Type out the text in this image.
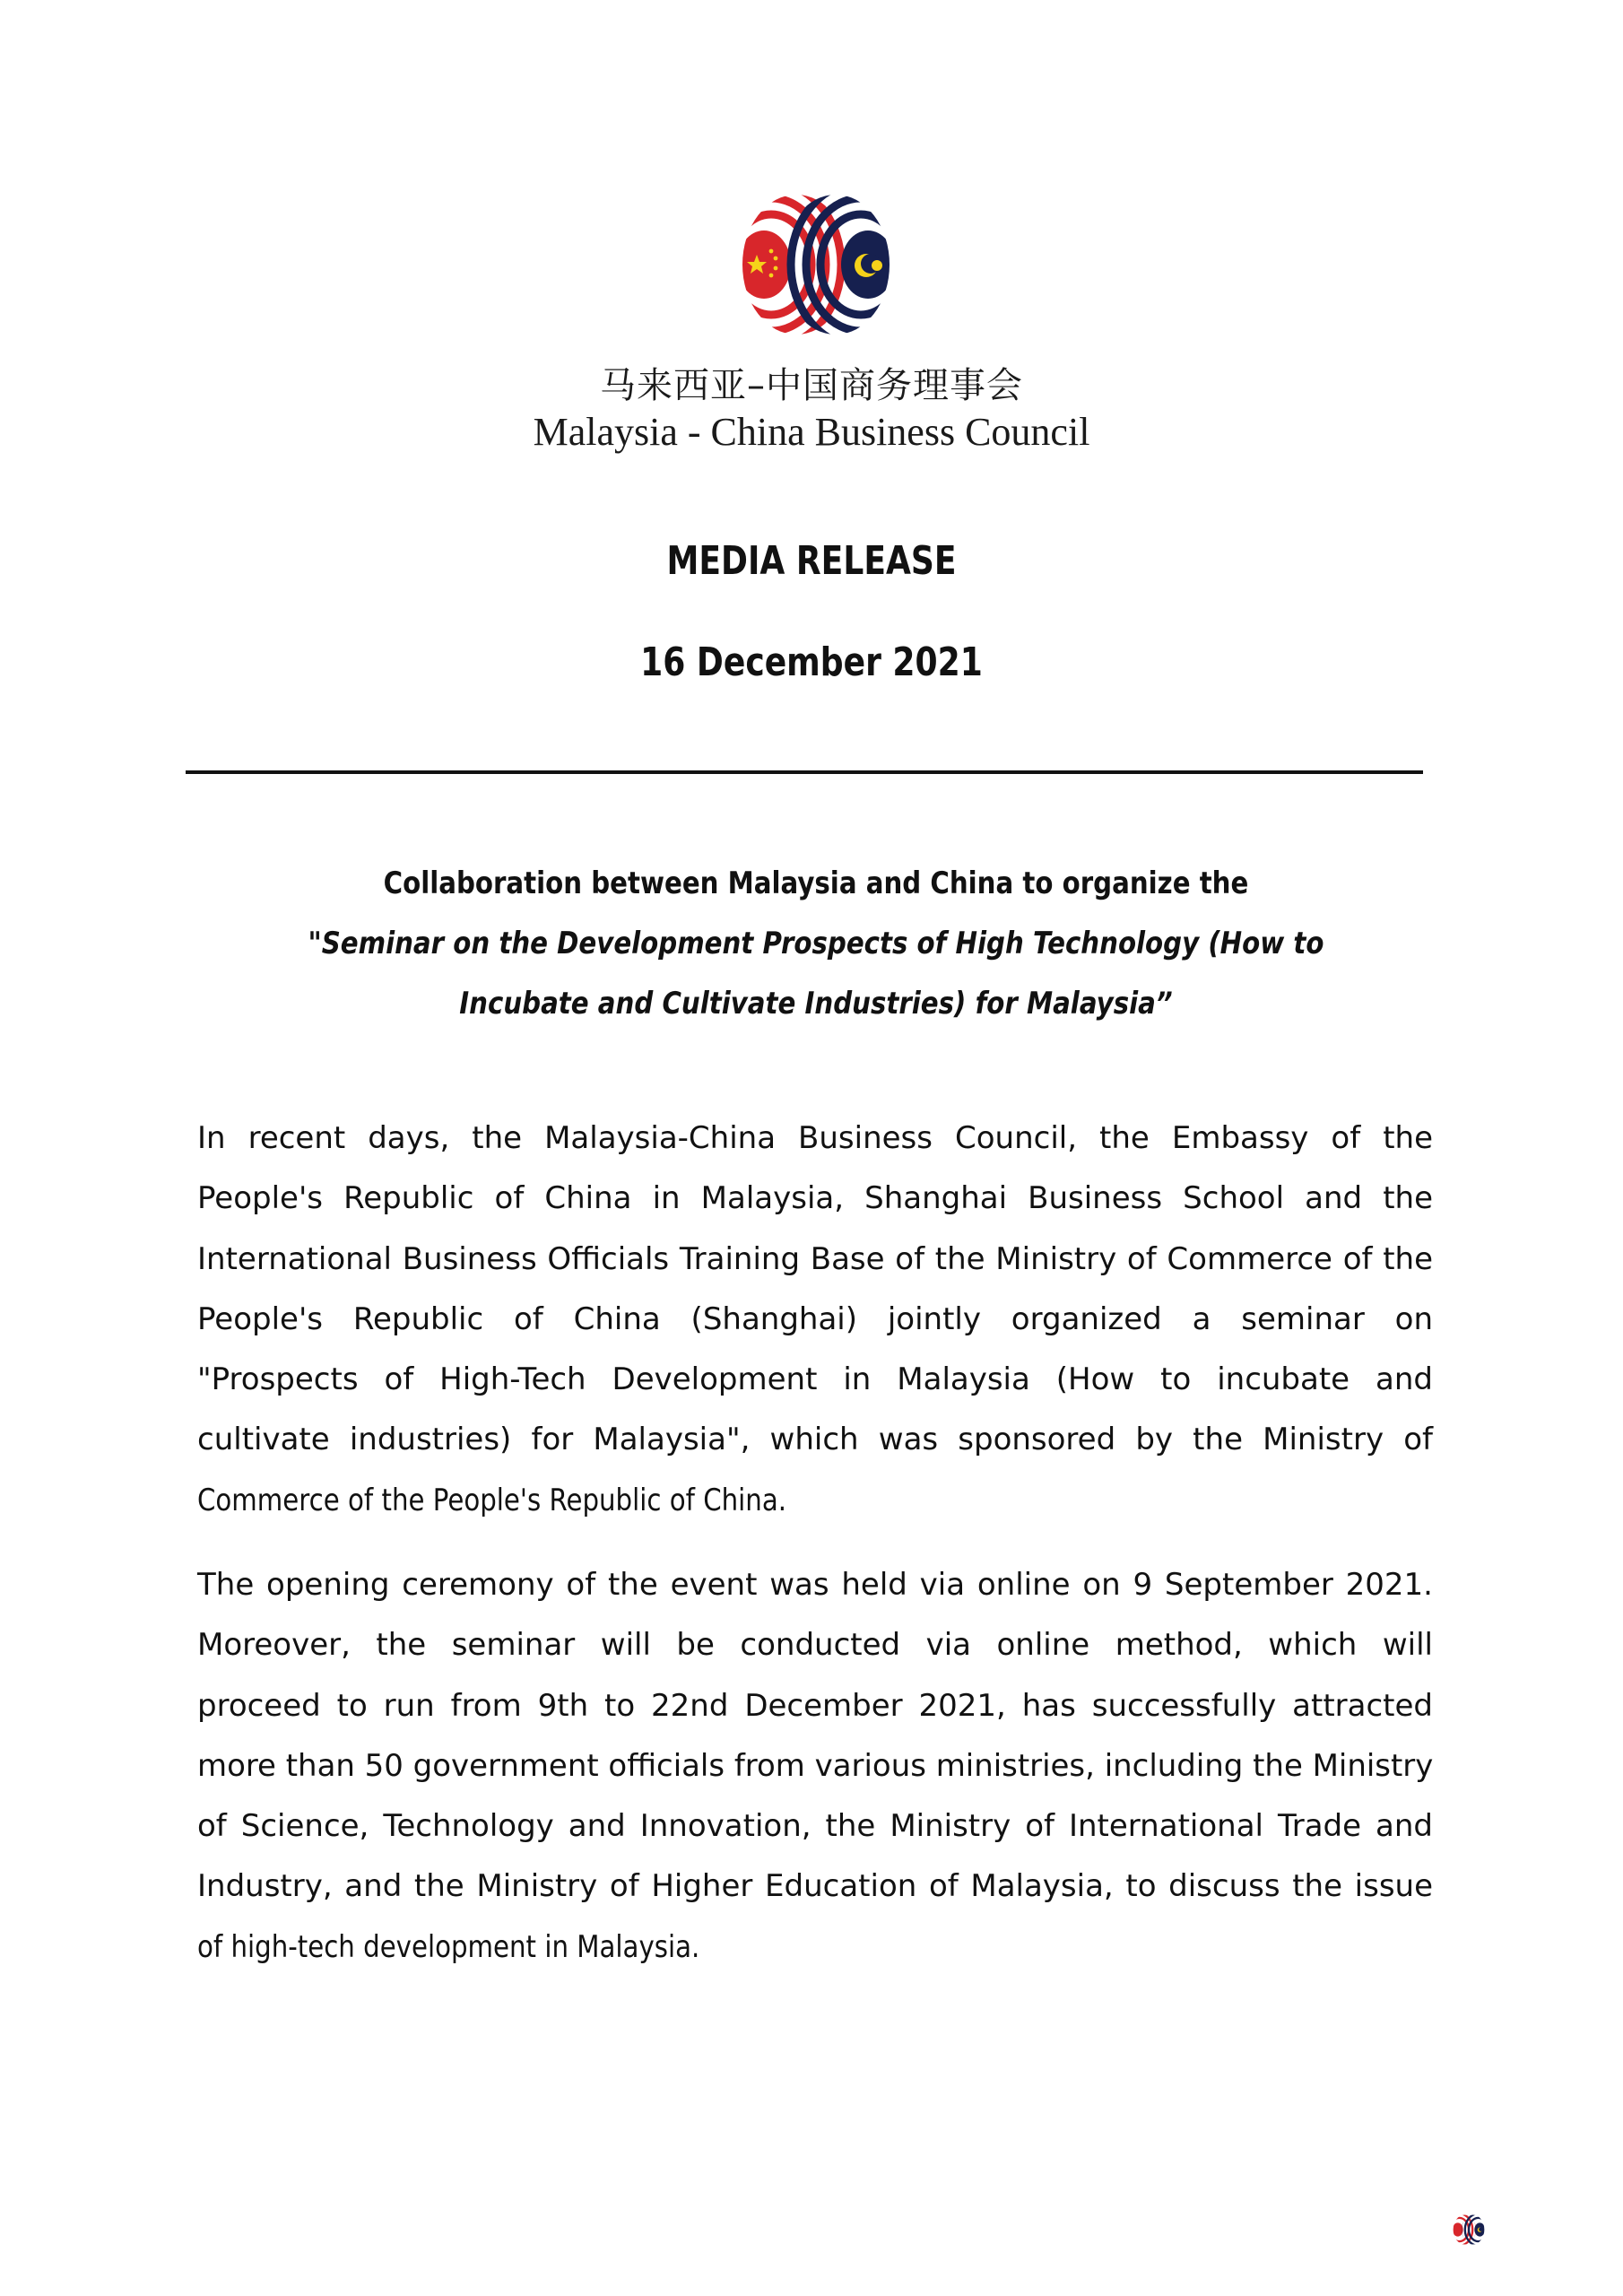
马来西亚–中国商务理事会
Malaysia - China Business Council
MEDIA RELEASE
16 December 2021
Collaboration between Malaysia and China to organize the
"Seminar on the Development Prospects of High Technology (How to
Incubate and Cultivate Industries) for Malaysia”
In recent days, the Malaysia-China Business Council, the Embassy of the
People's Republic of China in Malaysia, Shanghai Business School and the
International Business Officials Training Base of the Ministry of Commerce of the
People's Republic of China (Shanghai) jointly organized a seminar on
"Prospects of High-Tech Development in Malaysia (How to incubate and
cultivate industries) for Malaysia", which was sponsored by the Ministry of
Commerce of the People's Republic of China.
The opening ceremony of the event was held via online on 9 September 2021.
Moreover, the seminar will be conducted via online method, which will
proceed to run from 9th to 22nd December 2021, has successfully attracted
more than 50 government officials from various ministries, including the Ministry
of Science, Technology and Innovation, the Ministry of International Trade and
Industry, and the Ministry of Higher Education of Malaysia, to discuss the issue
of high-tech development in Malaysia.
